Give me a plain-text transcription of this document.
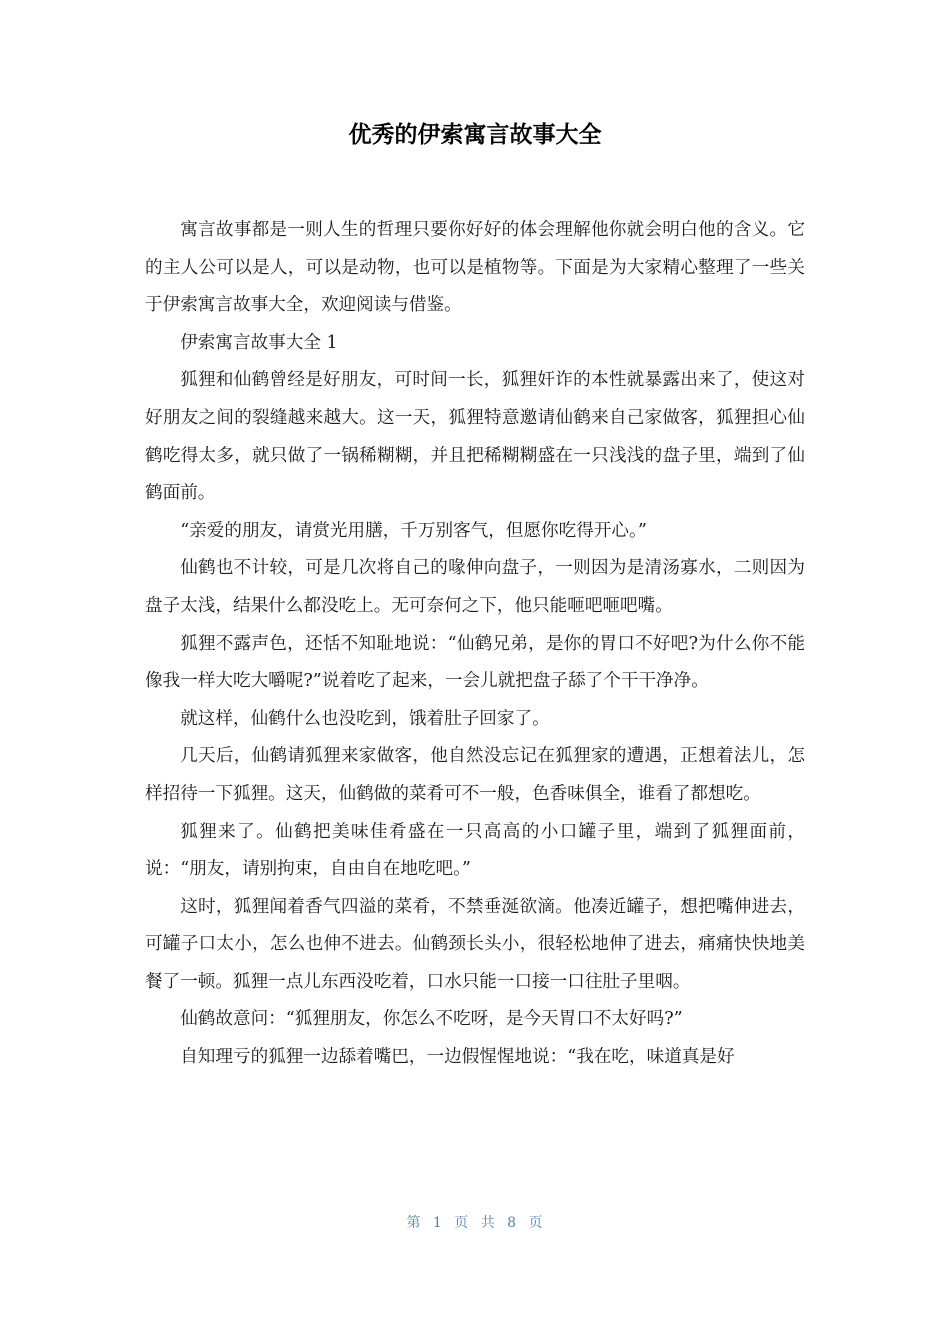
优秀的伊索寓言故事大全

寓言故事都是一则人生的哲理只要你好好的体会理解他你就会明白他的含义。它的主人公可以是人，可以是动物，也可以是植物等。下面是为大家精心整理了一些关于伊索寓言故事大全，欢迎阅读与借鉴。

伊索寓言故事大全 1

狐狸和仙鹤曾经是好朋友，可时间一长，狐狸奸诈的本性就暴露出来了，使这对好朋友之间的裂缝越来越大。这一天，狐狸特意邀请仙鹤来自己家做客，狐狸担心仙鹤吃得太多，就只做了一锅稀糊糊，并且把稀糊糊盛在一只浅浅的盘子里，端到了仙鹤面前。

“亲爱的朋友，请赏光用膳，千万别客气，但愿你吃得开心。”

仙鹤也不计较，可是几次将自己的喙伸向盘子，一则因为是清汤寡水，二则因为盘子太浅，结果什么都没吃上。无可奈何之下，他只能咂吧咂吧嘴。

狐狸不露声色，还恬不知耻地说：“仙鹤兄弟，是你的胃口不好吧?为什么你不能像我一样大吃大嚼呢?”说着吃了起来，一会儿就把盘子舔了个干干净净。

就这样，仙鹤什么也没吃到，饿着肚子回家了。

几天后，仙鹤请狐狸来家做客，他自然没忘记在狐狸家的遭遇，正想着法儿，怎样招待一下狐狸。这天，仙鹤做的菜肴可不一般，色香味俱全，谁看了都想吃。

狐狸来了。仙鹤把美味佳肴盛在一只高高的小口罐子里，端到了狐狸面前，说：“朋友，请别拘束，自由自在地吃吧。”

这时，狐狸闻着香气四溢的菜肴，不禁垂涎欲滴。他凑近罐子，想把嘴伸进去，可罐子口太小，怎么也伸不进去。仙鹤颈长头小，很轻松地伸了进去，痛痛快快地美餐了一顿。狐狸一点儿东西没吃着，口水只能一口接一口往肚子里咽。

仙鹤故意问：“狐狸朋友，你怎么不吃呀，是今天胃口不太好吗?”

自知理亏的狐狸一边舔着嘴巴，一边假惺惺地说：“我在吃，味道真是好

第 1 页 共 8 页
